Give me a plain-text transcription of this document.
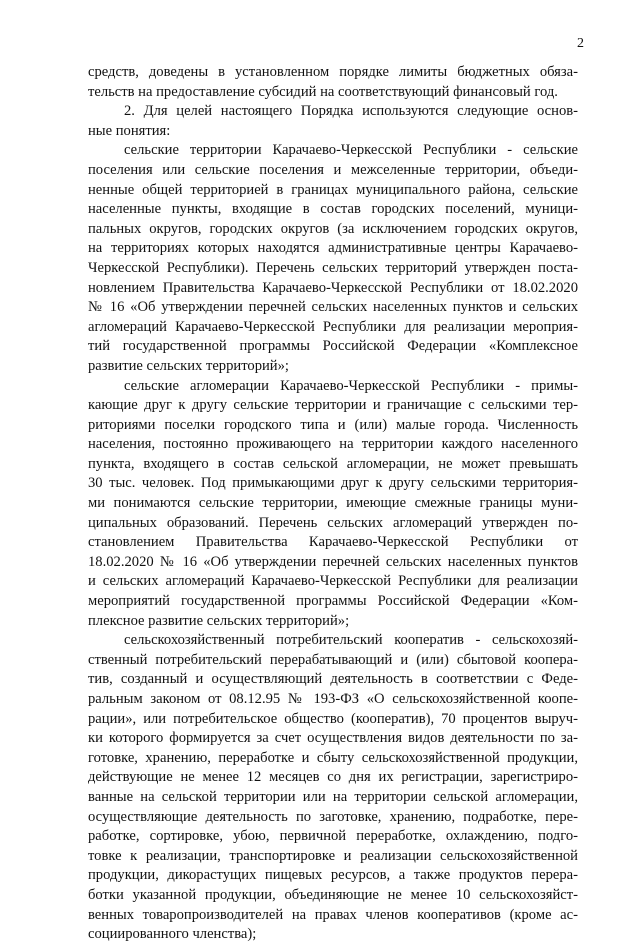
2
средств, доведены в установленном порядке лимиты бюджетных обяза-
тельств на предоставление субсидий на соответствующий финансовый год.
2. Для целей настоящего Порядка используются следующие основ-
ные понятия:
сельские территории Карачаево-Черкесской Республики - сельские
поселения или сельские поселения и межселенные территории, объеди-
ненные общей территорией в границах муниципального района, сельские
населенные пункты, входящие в состав городских поселений, муници-
пальных округов, городских округов (за исключением городских округов,
на территориях которых находятся административные центры Карачаево-
Черкесской Республики). Перечень сельских территорий утвержден поста-
новлением Правительства Карачаево-Черкесской Республики от 18.02.2020
№ 16 «Об утверждении перечней сельских населенных пунктов и сельских
агломераций Карачаево-Черкесской Республики для реализации мероприя-
тий государственной программы Российской Федерации «Комплексное
развитие сельских территорий»;
сельские агломерации Карачаево-Черкесской Республики - примы-
кающие друг к другу сельские территории и граничащие с сельскими тер-
риториями поселки городского типа и (или) малые города. Численность
населения, постоянно проживающего на территории каждого населенного
пункта, входящего в состав сельской агломерации, не может превышать
30 тыс. человек. Под примыкающими друг к другу сельскими территория-
ми понимаются сельские территории, имеющие смежные границы муни-
ципальных образований. Перечень сельских агломераций утвержден по-
становлением Правительства Карачаево-Черкесской Республики от
18.02.2020 № 16 «Об утверждении перечней сельских населенных пунктов
и сельских агломераций Карачаево-Черкесской Республики для реализации
мероприятий государственной программы Российской Федерации «Ком-
плексное развитие сельских территорий»;
сельскохозяйственный потребительский кооператив - сельскохозяй-
ственный потребительский перерабатывающий и (или) сбытовой коопера-
тив, созданный и осуществляющий деятельность в соответствии с Феде-
ральным законом от 08.12.95 № 193-ФЗ «О сельскохозяйственной коопе-
рации», или потребительское общество (кооператив), 70 процентов выруч-
ки которого формируется за счет осуществления видов деятельности по за-
готовке, хранению, переработке и сбыту сельскохозяйственной продукции,
действующие не менее 12 месяцев со дня их регистрации, зарегистриро-
ванные на сельской территории или на территории сельской агломерации,
осуществляющие деятельность по заготовке, хранению, подработке, пере-
работке, сортировке, убою, первичной переработке, охлаждению, подго-
товке к реализации, транспортировке и реализации сельскохозяйственной
продукции, дикорастущих пищевых ресурсов, а также продуктов перера-
ботки указанной продукции, объединяющие не менее 10 сельскохозяйст-
венных товаропроизводителей на правах членов кооперативов (кроме ас-
социированного членства);
